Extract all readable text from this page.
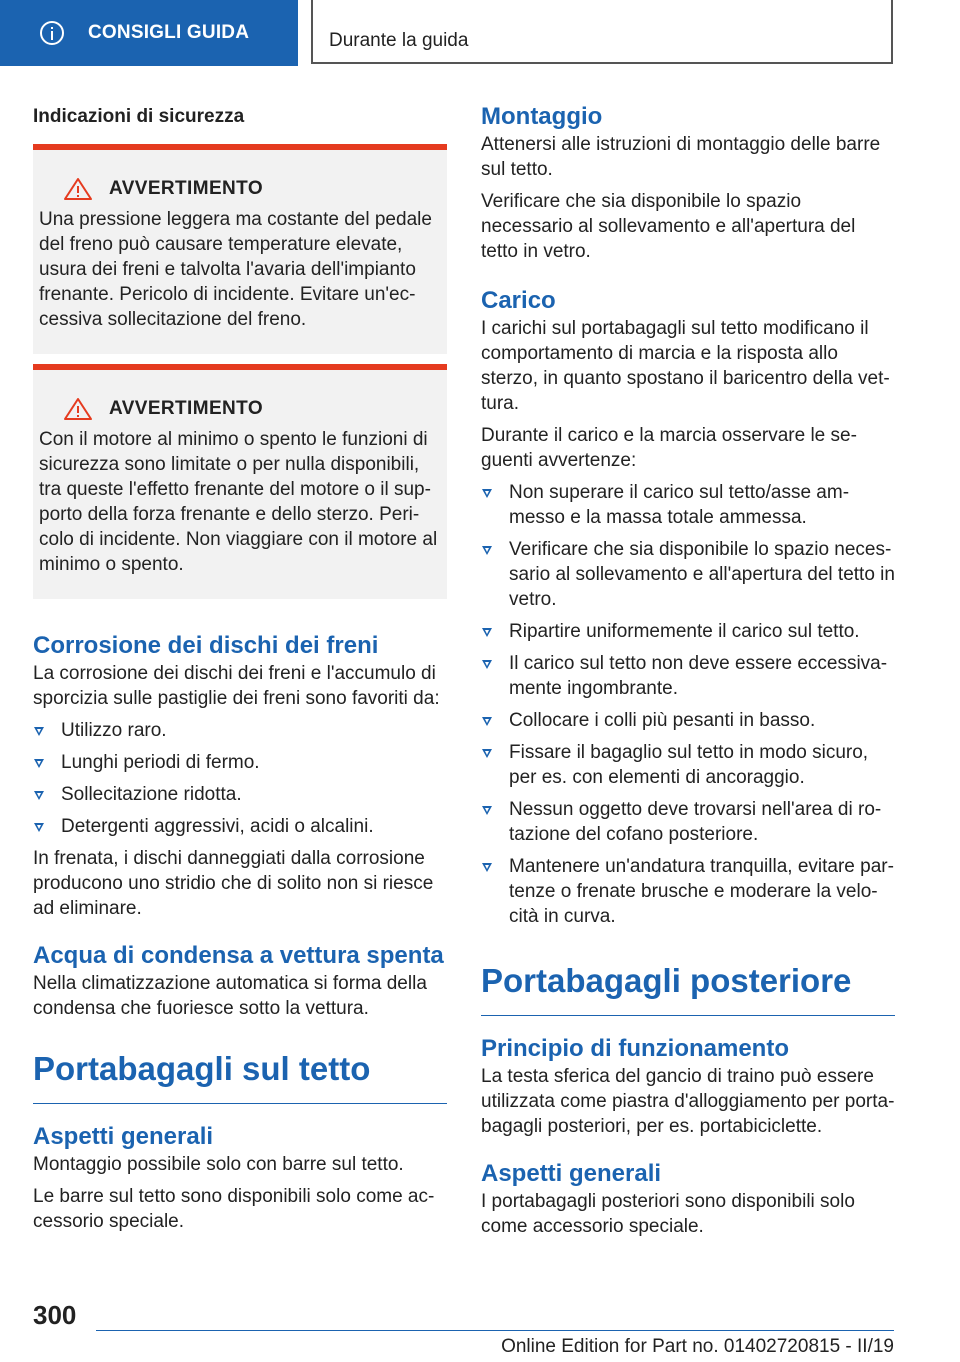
CONSIGLI GUIDA	Durante la guida
Indicazioni di sicurezza
AVVERTIMENTO

Una pressione leggera ma costante del pedale del freno può causare temperature elevate, usura dei freni e talvolta l'avaria dell'impianto frenante. Pericolo di incidente. Evitare un'ec-cessiva sollecitazione del freno.

AVVERTIMENTO

Con il motore al minimo o spento le funzioni di sicurezza sono limitate o per nulla disponibili, tra queste l'effetto frenante del motore o il sup-porto della forza frenante e dello sterzo. Peri-colo di incidente. Non viaggiare con il motore al minimo o spento.

Corrosione dei dischi dei freni

La corrosione dei dischi dei freni e l'accumulo di sporcizia sulle pastiglie dei freni sono favoriti da:

Utilizzo raro.
Lunghi periodi di fermo.
Sollecitazione ridotta.
Detergenti aggressivi, acidi o alcalini.

In frenata, i dischi danneggiati dalla corrosione producono uno stridio che di solito non si riesce ad eliminare.

Acqua di condensa a vettura spenta

Nella climatizzazione automatica si forma della condensa che fuoriesce sotto la vettura.

Portabagagli sul tetto
Aspetti generali

Montaggio possibile solo con barre sul tetto.

Le barre sul tetto sono disponibili solo come ac-cessorio speciale.

Montaggio

Attenersi alle istruzioni di montaggio delle barre sul tetto.

Verificare che sia disponibile lo spazio necessario al sollevamento e all'apertura del tetto in vetro.

Carico

I carichi sul portabagagli sul tetto modificano il comportamento di marcia e la risposta allo sterzo, in quanto spostano il baricentro della vet-tura.

Durante il carico e la marcia osservare le se-guenti avvertenze:

Non superare il carico sul tetto/asse am-messo e la massa totale ammessa.
Verificare che sia disponibile lo spazio neces-sario al sollevamento e all'apertura del tetto in vetro.
Ripartire uniformemente il carico sul tetto.
Il carico sul tetto non deve essere eccessiva-mente ingombrante.
Collocare i colli più pesanti in basso.
Fissare il bagaglio sul tetto in modo sicuro, per es. con elementi di ancoraggio.
Nessun oggetto deve trovarsi nell'area di ro-tazione del cofano posteriore.
Mantenere un'andatura tranquilla, evitare par-tenze o frenate brusche e moderare la velo-cità in curva.
Portabagagli posteriore
Principio di funzionamento

La testa sferica del gancio di traino può essere utilizzata come piastra d'alloggiamento per porta-bagagli posteriori, per es. portabiciclette.

Aspetti generali

I portabagagli posteriori sono disponibili solo come accessorio speciale.

300
Online Edition for Part no. 01402720815 - II/19
